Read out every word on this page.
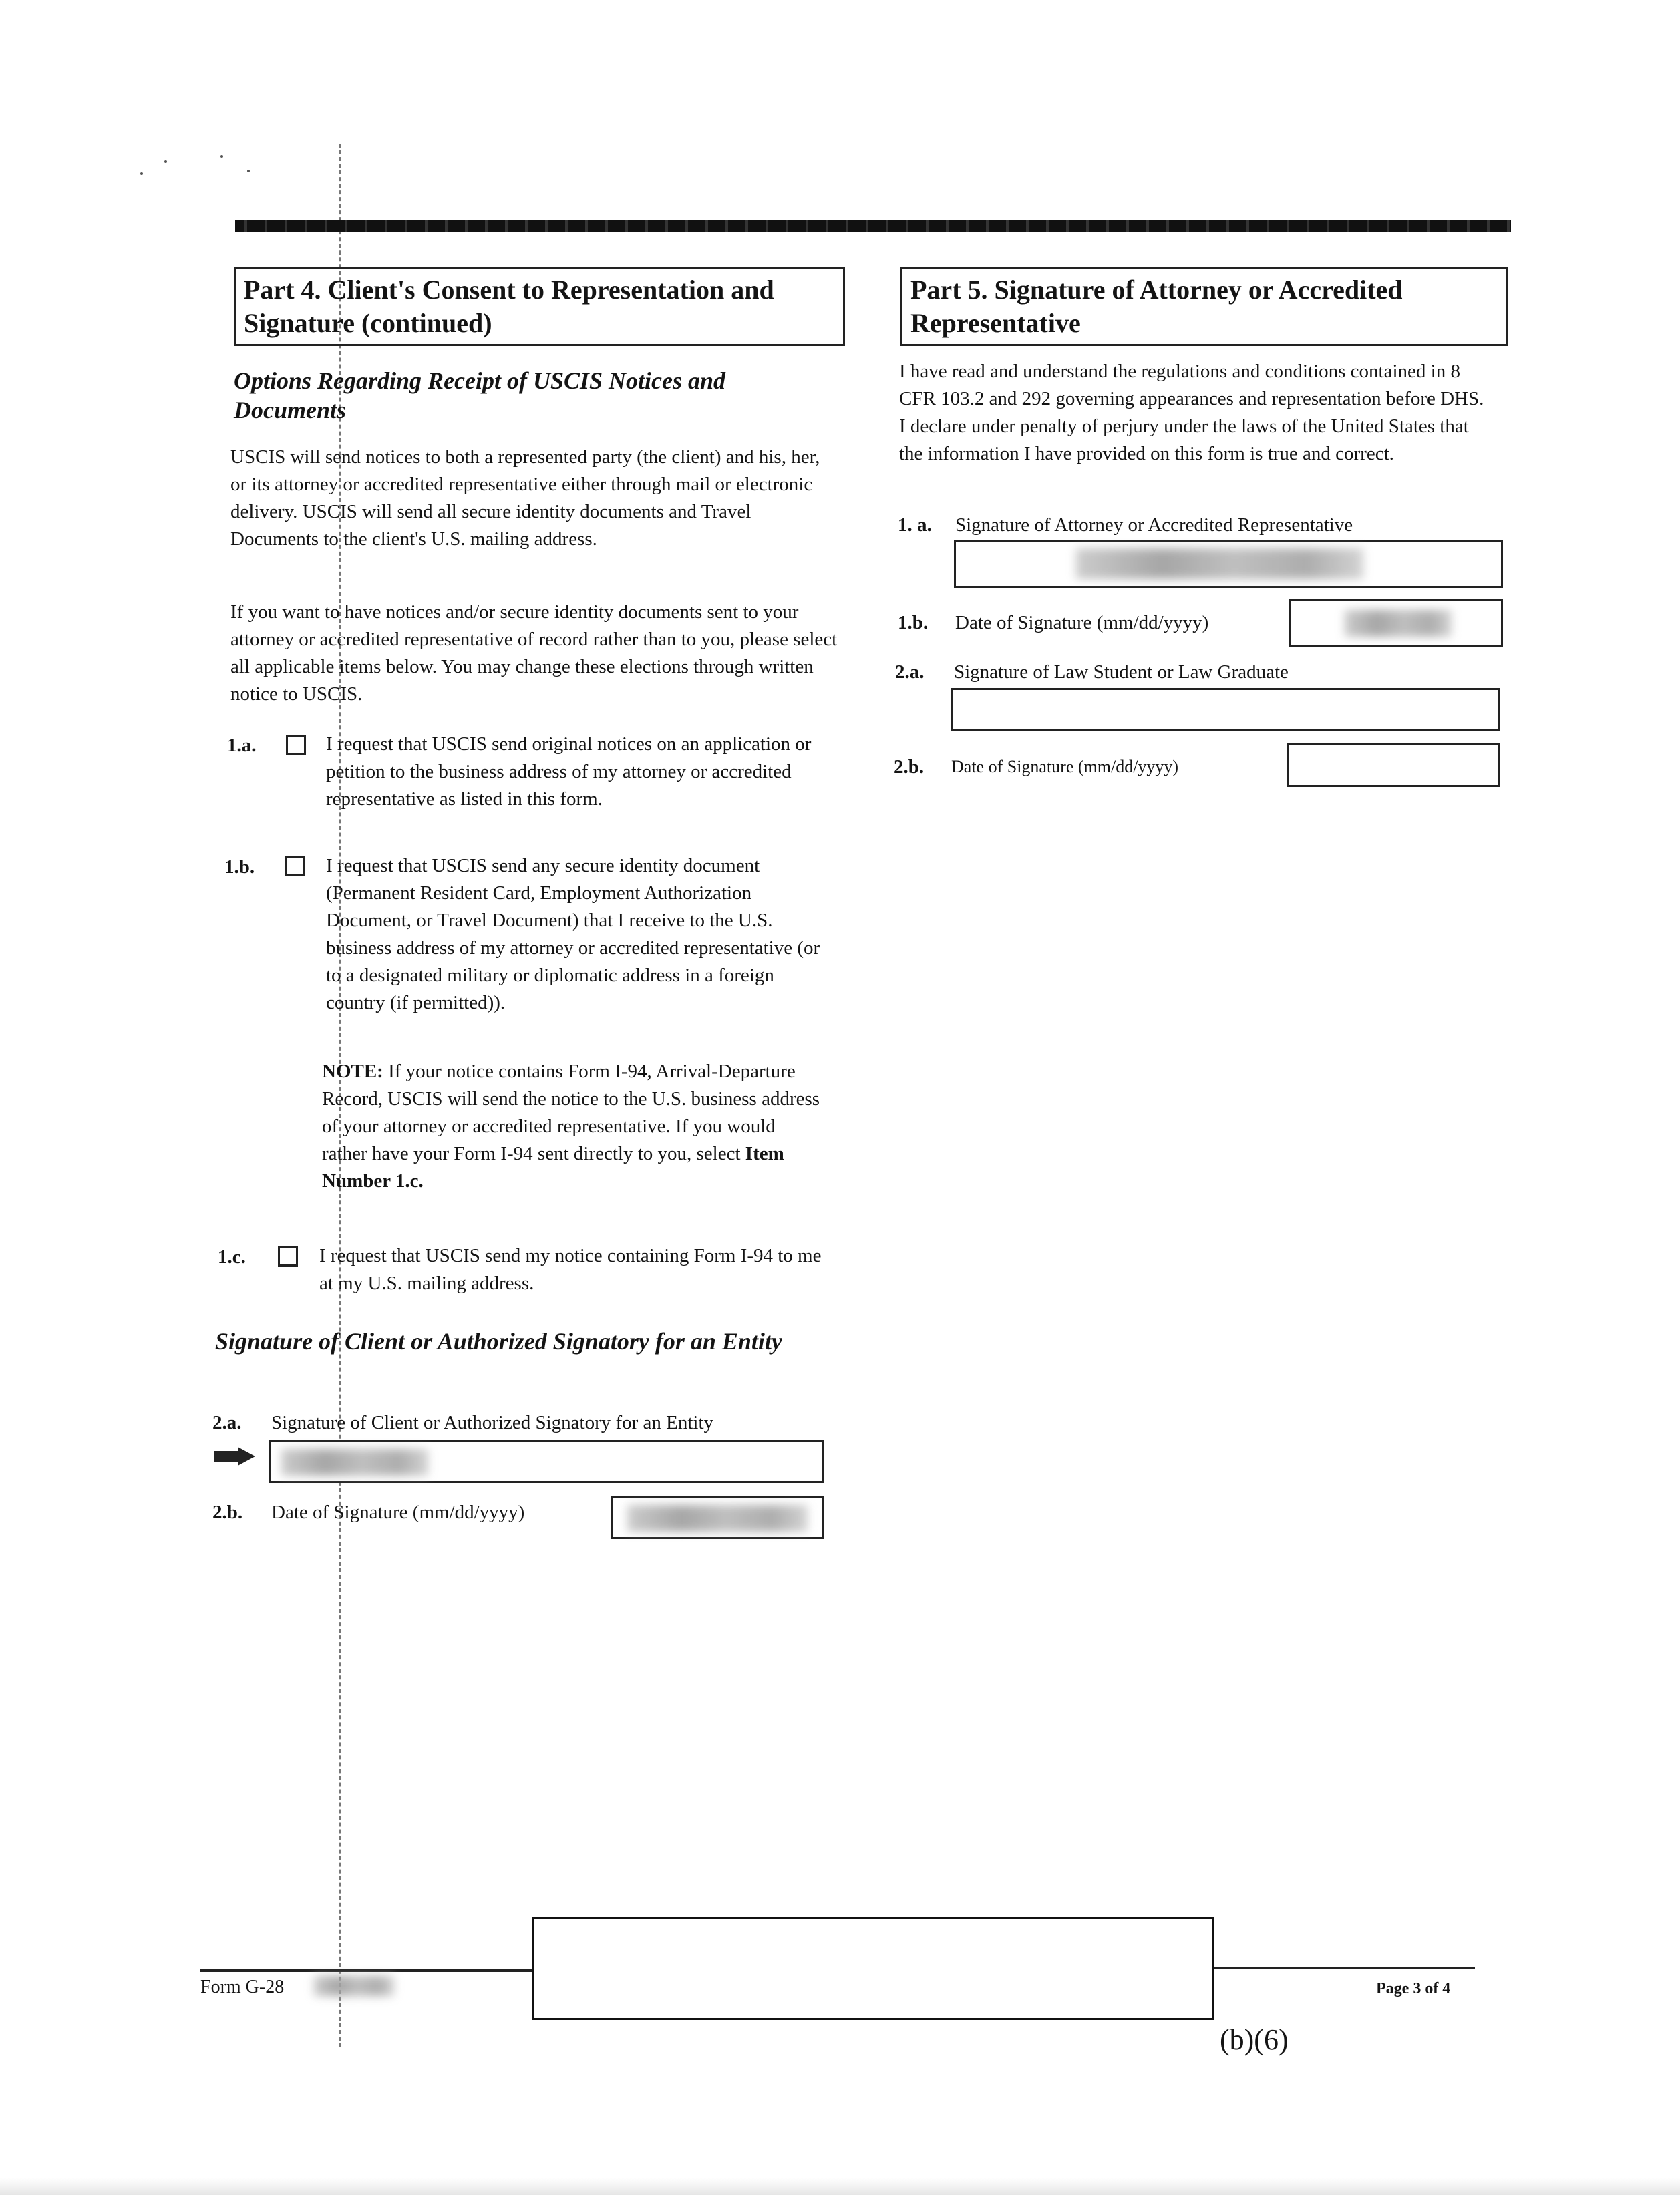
Part 4. Client's Consent to Representation and Signature (continued)
Options Regarding Receipt of USCIS Notices and Documents
USCIS will send notices to both a represented party (the client) and his, her, or its attorney or accredited representative either through mail or electronic delivery. USCIS will send all secure identity documents and Travel Documents to the client's U.S. mailing address.
If you want to have notices and/or secure identity documents sent to your attorney or accredited representative of record rather than to you, please select all applicable items below. You may change these elections through written notice to USCIS.
1.a.	I request that USCIS send original notices on an application or petition to the business address of my attorney or accredited representative as listed in this form.
1.b.	I request that USCIS send any secure identity document (Permanent Resident Card, Employment Authorization Document, or Travel Document) that I receive to the U.S. business address of my attorney or accredited representative (or to a designated military or diplomatic address in a foreign country (if permitted)).
NOTE: If your notice contains Form I-94, Arrival-Departure Record, USCIS will send the notice to the U.S. business address of your attorney or accredited representative. If you would rather have your Form I-94 sent directly to you, select Item Number 1.c.
1.c.	I request that USCIS send my notice containing Form I-94 to me at my U.S. mailing address.
Signature of Client or Authorized Signatory for an Entity
2.a. Signature of Client or Authorized Signatory for an Entity
2.b. Date of Signature (mm/dd/yyyy)
Part 5. Signature of Attorney or Accredited Representative
I have read and understand the regulations and conditions contained in 8 CFR 103.2 and 292 governing appearances and representation before DHS. I declare under penalty of perjury under the laws of the United States that the information I have provided on this form is true and correct.
1. a. Signature of Attorney or Accredited Representative
1.b. Date of Signature (mm/dd/yyyy)
2.a. Signature of Law Student or Law Graduate
2.b. Date of Signature (mm/dd/yyyy)
Form G-28	Page 3 of 4
(b)(6)
